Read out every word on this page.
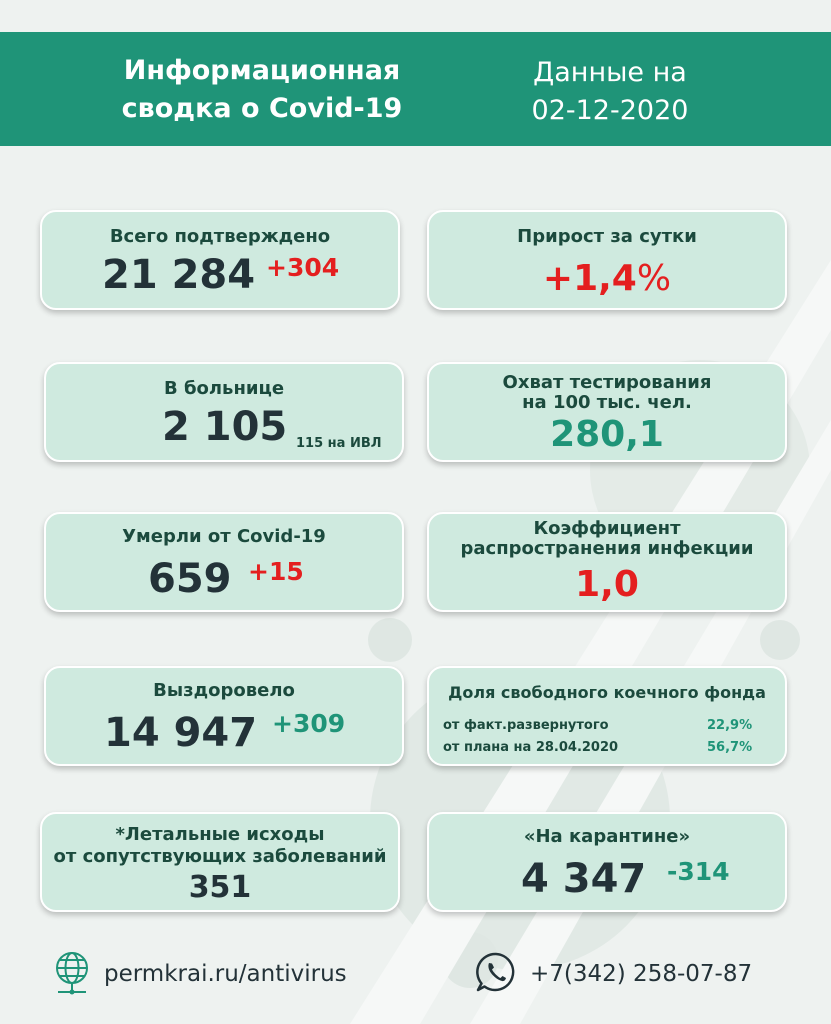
Информационная
сводка о Covid-19
Данные на
02-12-2020
Всего подтверждено
21 284 +304
Прирост за сутки
+1,4%
В больнице
2 105 115 на ИВЛ
Охват тестирования
на 100 тыс. чел.
280,1
Умерли от Covid-19
659 +15
Коэффициент
распространения инфекции
1,0
Выздоровело
14 947 +309
Доля свободного коечного фонда
от факт.развернутого	22,9%
от плана на 28.04.2020	56,7%
*Летальные исходы
от сопутствующих заболеваний
351
«На карантине»
4 347 -314
permkrai.ru/antivirus	+7(342) 258-07-87
